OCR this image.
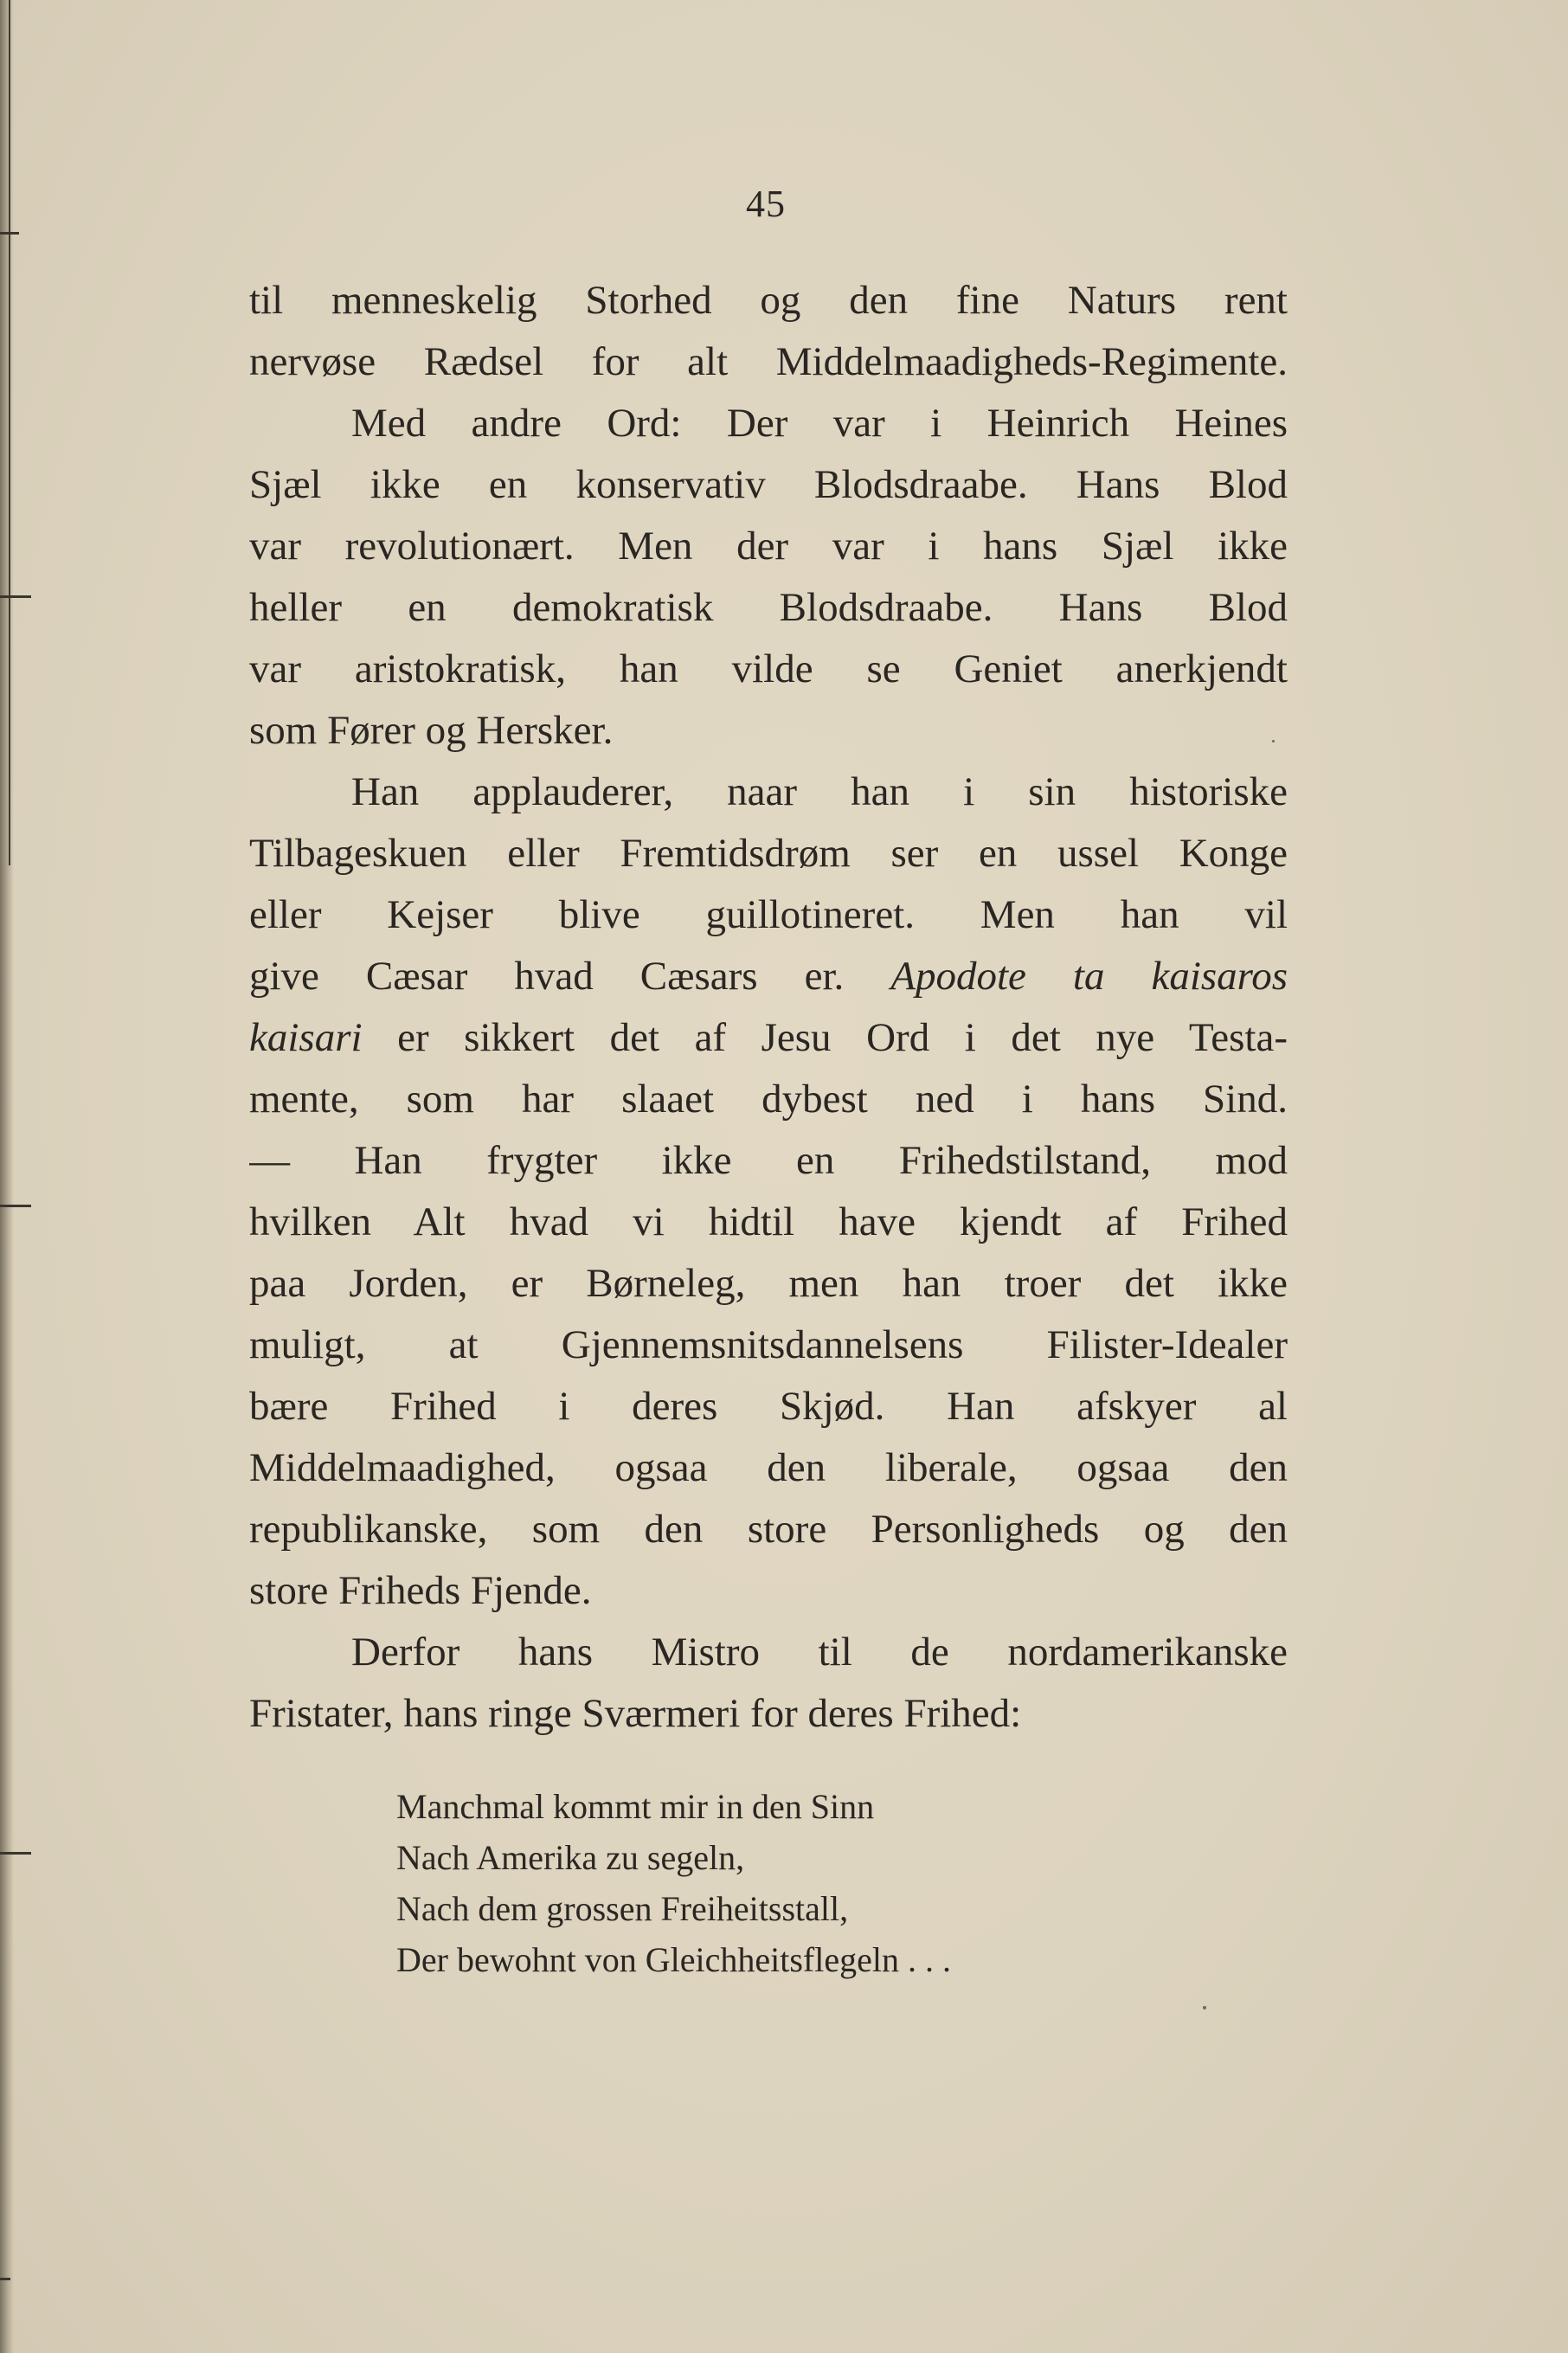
45
til menneskelig Storhed og den fine Naturs rent
nervøse Rædsel for alt Middelmaadigheds-Regimente.
Med andre Ord: Der var i Heinrich Heines
Sjæl ikke en konservativ Blodsdraabe. Hans Blod
var revolutionært. Men der var i hans Sjæl ikke
heller en demokratisk Blodsdraabe. Hans Blod
var aristokratisk, han vilde se Geniet anerkjendt
som Fører og Hersker.
Han applauderer, naar han i sin historiske
Tilbageskuen eller Fremtidsdrøm ser en ussel Konge
eller Kejser blive guillotineret. Men han vil
give Cæsar hvad Cæsars er. Apodote ta kaisaros
kaisari er sikkert det af Jesu Ord i det nye Testa-
mente, som har slaaet dybest ned i hans Sind.
— Han frygter ikke en Frihedstilstand, mod
hvilken Alt hvad vi hidtil have kjendt af Frihed
paa Jorden, er Børneleg, men han troer det ikke
muligt, at Gjennemsnitsdannelsens Filister-Idealer
bære Frihed i deres Skjød. Han afskyer al
Middelmaadighed, ogsaa den liberale, ogsaa den
republikanske, som den store Personligheds og den
store Friheds Fjende.
Derfor hans Mistro til de nordamerikanske
Fristater, hans ringe Sværmeri for deres Frihed:
Manchmal kommt mir in den Sinn
Nach Amerika zu segeln,
Nach dem grossen Freiheitsstall,
Der bewohnt von Gleichheitsflegeln . . .
